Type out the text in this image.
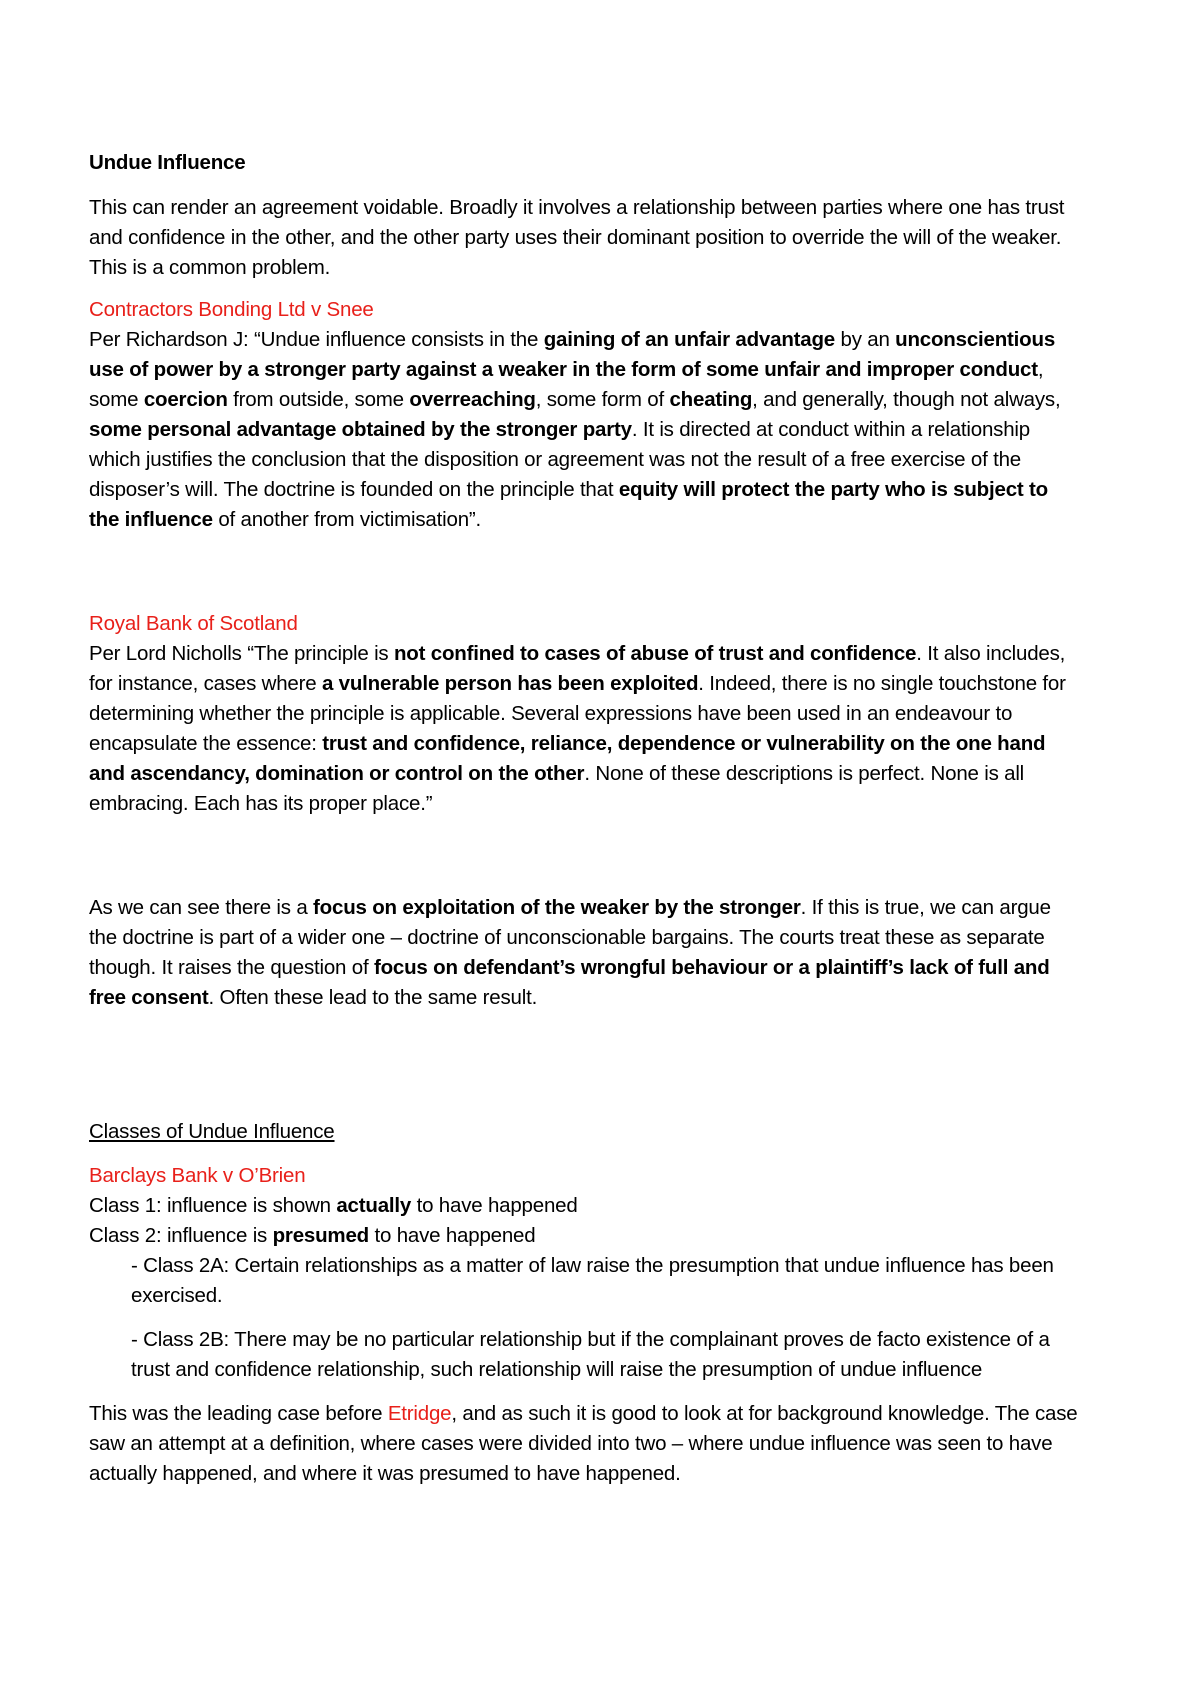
Undue Influence

This can render an agreement voidable. Broadly it involves a relationship between parties where one has trust and confidence in the other, and the other party uses their dominant position to override the will of the weaker. This is a common problem.

Contractors Bonding Ltd v Snee

Per Richardson J: “Undue influence consists in the gaining of an unfair advantage by an unconscientious use of power by a stronger party against a weaker in the form of some unfair and improper conduct, some coercion from outside, some overreaching, some form of cheating, and generally, though not always, some personal advantage obtained by the stronger party. It is directed at conduct within a relationship which justifies the conclusion that the disposition or agreement was not the result of a free exercise of the disposer’s will. The doctrine is founded on the principle that equity will protect the party who is subject to the influence of another from victimisation”.

Royal Bank of Scotland

Per Lord Nicholls “The principle is not confined to cases of abuse of trust and confidence. It also includes, for instance, cases where a vulnerable person has been exploited. Indeed, there is no single touchstone for determining whether the principle is applicable. Several expressions have been used in an endeavour to encapsulate the essence: trust and confidence, reliance, dependence or vulnerability on the one hand and ascendancy, domination or control on the other. None of these descriptions is perfect. None is all embracing. Each has its proper place.”

As we can see there is a focus on exploitation of the weaker by the stronger. If this is true, we can argue the doctrine is part of a wider one – doctrine of unconscionable bargains. The courts treat these as separate though. It raises the question of focus on defendant’s wrongful behaviour or a plaintiff’s lack of full and free consent. Often these lead to the same result.

Classes of Undue Influence

Barclays Bank v O’Brien

Class 1: influence is shown actually to have happened

Class 2: influence is presumed to have happened

- Class 2A: Certain relationships as a matter of law raise the presumption that undue influence has been exercised.

- Class 2B: There may be no particular relationship but if the complainant proves de facto existence of a trust and confidence relationship, such relationship will raise the presumption of undue influence

This was the leading case before Etridge, and as such it is good to look at for background knowledge. The case saw an attempt at a definition, where cases were divided into two – where undue influence was seen to have actually happened, and where it was presumed to have happened.
